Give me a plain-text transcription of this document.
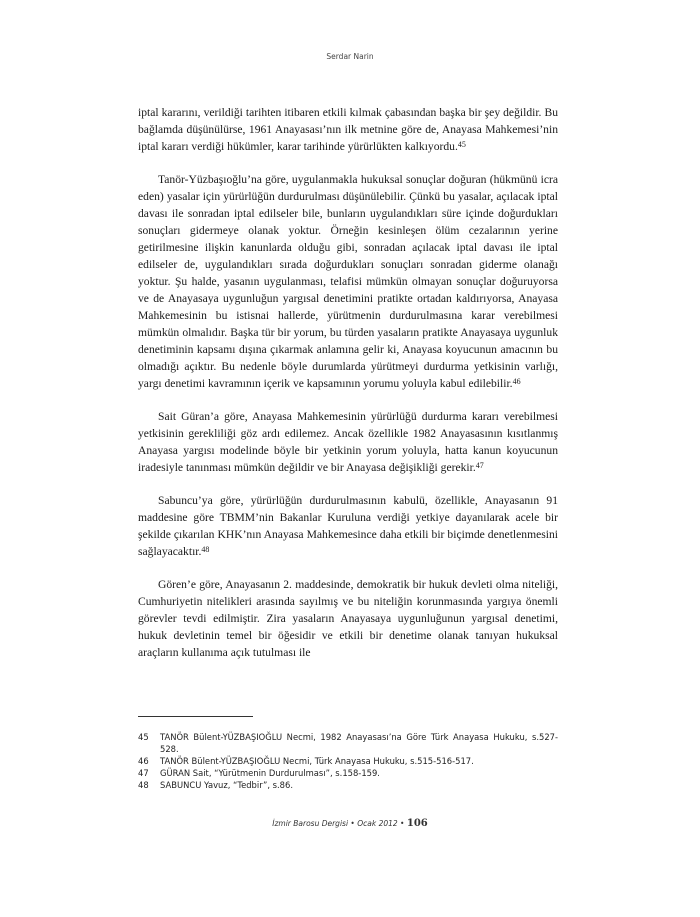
Serdar Narin

iptal kararını, verildiği tarihten itibaren etkili kılmak çabasından başka bir şey değildir. Bu bağlamda düşünülürse, 1961 Anayasası’nın ilk metnine göre de, Anayasa Mahkemesi’nin iptal kararı verdiği hükümler, karar tarihinde yürürlükten kalkıyordu.$^{45}$

Tanör-Yüzbaşıoğlu’na göre, uygulanmakla hukuksal sonuçlar doğuran (hükmünü icra eden) yasalar için yürürlüğün durdurulması düşünülebilir. Çünkü bu yasalar, açılacak iptal davası ile sonradan iptal edilseler bile, bunların uygulandıkları süre içinde doğurdukları sonuçları gidermeye olanak yoktur. Örneğin kesinleşen ölüm cezalarının yerine getirilmesine ilişkin kanunlarda olduğu gibi, sonradan açılacak iptal davası ile iptal edilseler de, uygulandıkları sırada doğurdukları sonuçları sonradan giderme olanağı yoktur. Şu halde, yasanın uygulanması, telafisi mümkün olmayan sonuçlar doğuruyorsa ve de Anayasaya uygunluğun yargısal denetimini pratikte ortadan kaldırıyorsa, Anayasa Mahkemesinin bu istisnai hallerde, yürütmenin durdurulmasına karar verebilmesi mümkün olmalıdır. Başka tür bir yorum, bu türden yasaların pratikte Anayasaya uygunluk denetiminin kapsamı dışına çıkarmak anlamına gelir ki, Anayasa koyucunun amacının bu olmadığı açıktır. Bu nedenle böyle durumlarda yürütmeyi durdurma yetkisinin varlığı, yargı denetimi kavramının içerik ve kapsamının yorumu yoluyla kabul edilebilir.$^{46}$

Sait Güran’a göre, Anayasa Mahkemesinin yürürlüğü durdurma kararı verebilmesi yetkisinin gerekliliği göz ardı edilemez. Ancak özellikle 1982 Anayasasının kısıtlanmış Anayasa yargısı modelinde böyle bir yetkinin yorum yoluyla, hatta kanun koyucunun iradesiyle tanınması mümkün değildir ve bir Anayasa değişikliği gerekir.$^{47}$

Sabuncu’ya göre, yürürlüğün durdurulmasının kabulü, özellikle, Anayasanın 91 maddesine göre TBMM’nin Bakanlar Kuruluna verdiği yetkiye dayanılarak acele bir şekilde çıkarılan KHK’nın Anayasa Mahkemesince daha etkili bir biçimde denetlenmesini sağlayacaktır.$^{48}$

Gören’e göre, Anayasanın 2. maddesinde, demokratik bir hukuk devleti olma niteliği, Cumhuriyetin nitelikleri arasında sayılmış ve bu niteliğin korunmasında yargıya önemli görevler tevdi edilmiştir. Zira yasaların Anayasaya uygunluğunun yargısal denetimi, hukuk devletinin temel bir öğesidir ve etkili bir denetime olanak tanıyan hukuksal araçların kullanıma açık tutulması ile

45	TANÖR Bülent-YÜZBAŞIOĞLU Necmi, 1982 Anayasası’na Göre Türk Anayasa Hukuku, s.527-528.
46	TANÖR Bülent-YÜZBAŞIOĞLU Necmi, Türk Anayasa Hukuku, s.515-516-517.
47	GÜRAN Sait, “Yürütmenin Durdurulması”, s.158-159.
48	SABUNCU Yavuz, “Tedbir”, s.86.
İzmir Barosu Dergisi • Ocak 2012 • 106
